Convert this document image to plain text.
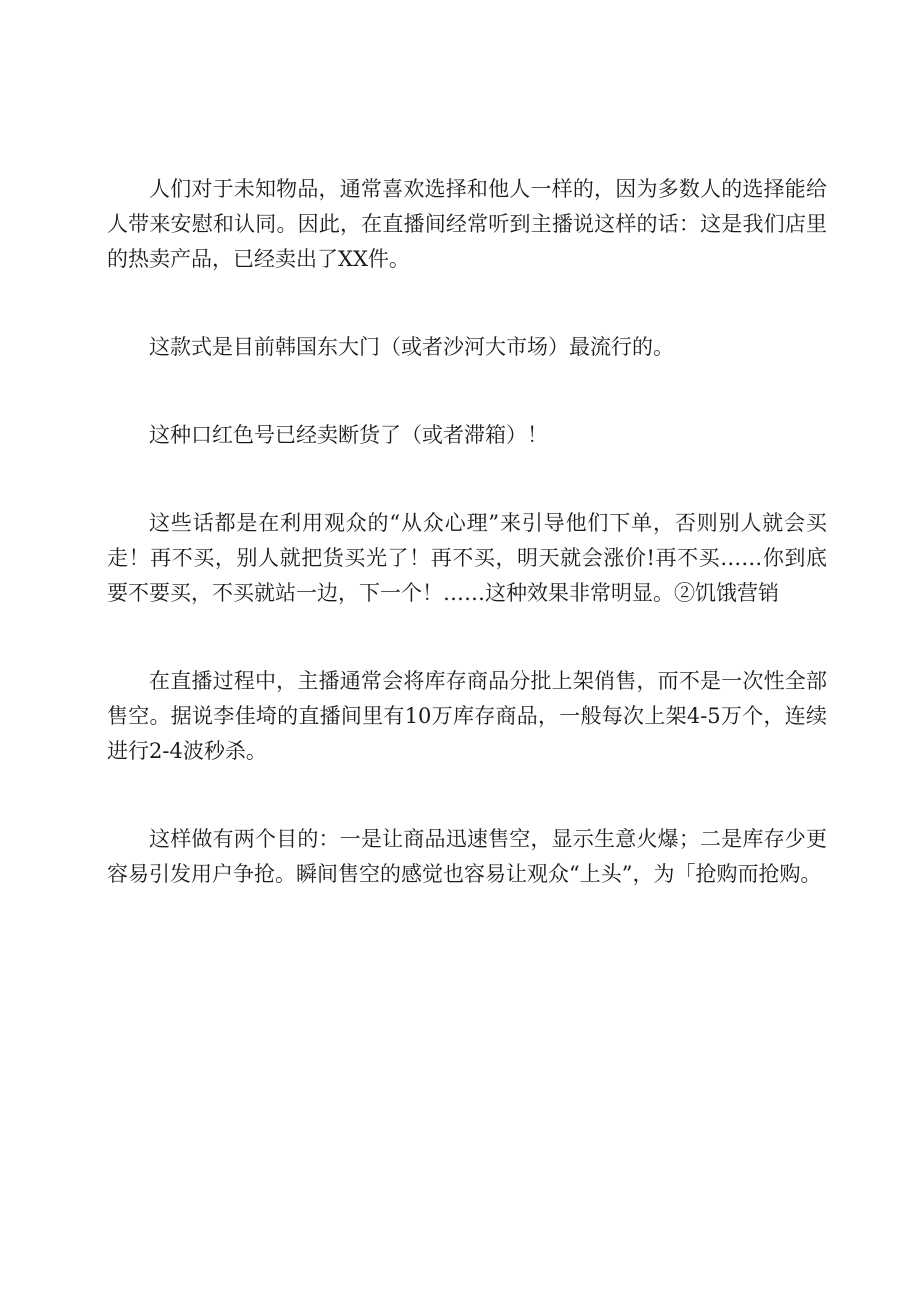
人们对于未知物品，通常喜欢选择和他人一样的，因为多数人的选择能给人带来安慰和认同。因此，在直播间经常听到主播说这样的话：这是我们店里的热卖产品，已经卖出了XX件。

这款式是目前韩国东大门（或者沙河大市场）最流行的。

这种口红色号已经卖断货了（或者滞箱）！

这些话都是在利用观众的“从众心理”来引导他们下单，否则别人就会买走！再不买，别人就把货买光了！再不买，明天就会涨价!再不买……你到底要不要买，不买就站一边，下一个！……这种效果非常明显。②饥饿营销

在直播过程中，主播通常会将库存商品分批上架俏售，而不是一次性全部售空。据说李佳埼的直播间里有10万库存商品，一般每次上架4-5万个，连续进行2-4波秒杀。

这样做有两个目的：一是让商品迅速售空，显示生意火爆；二是库存少更容易引发用户争抢。瞬间售空的感觉也容易让观众“上头”，为「抢购而抢购。
